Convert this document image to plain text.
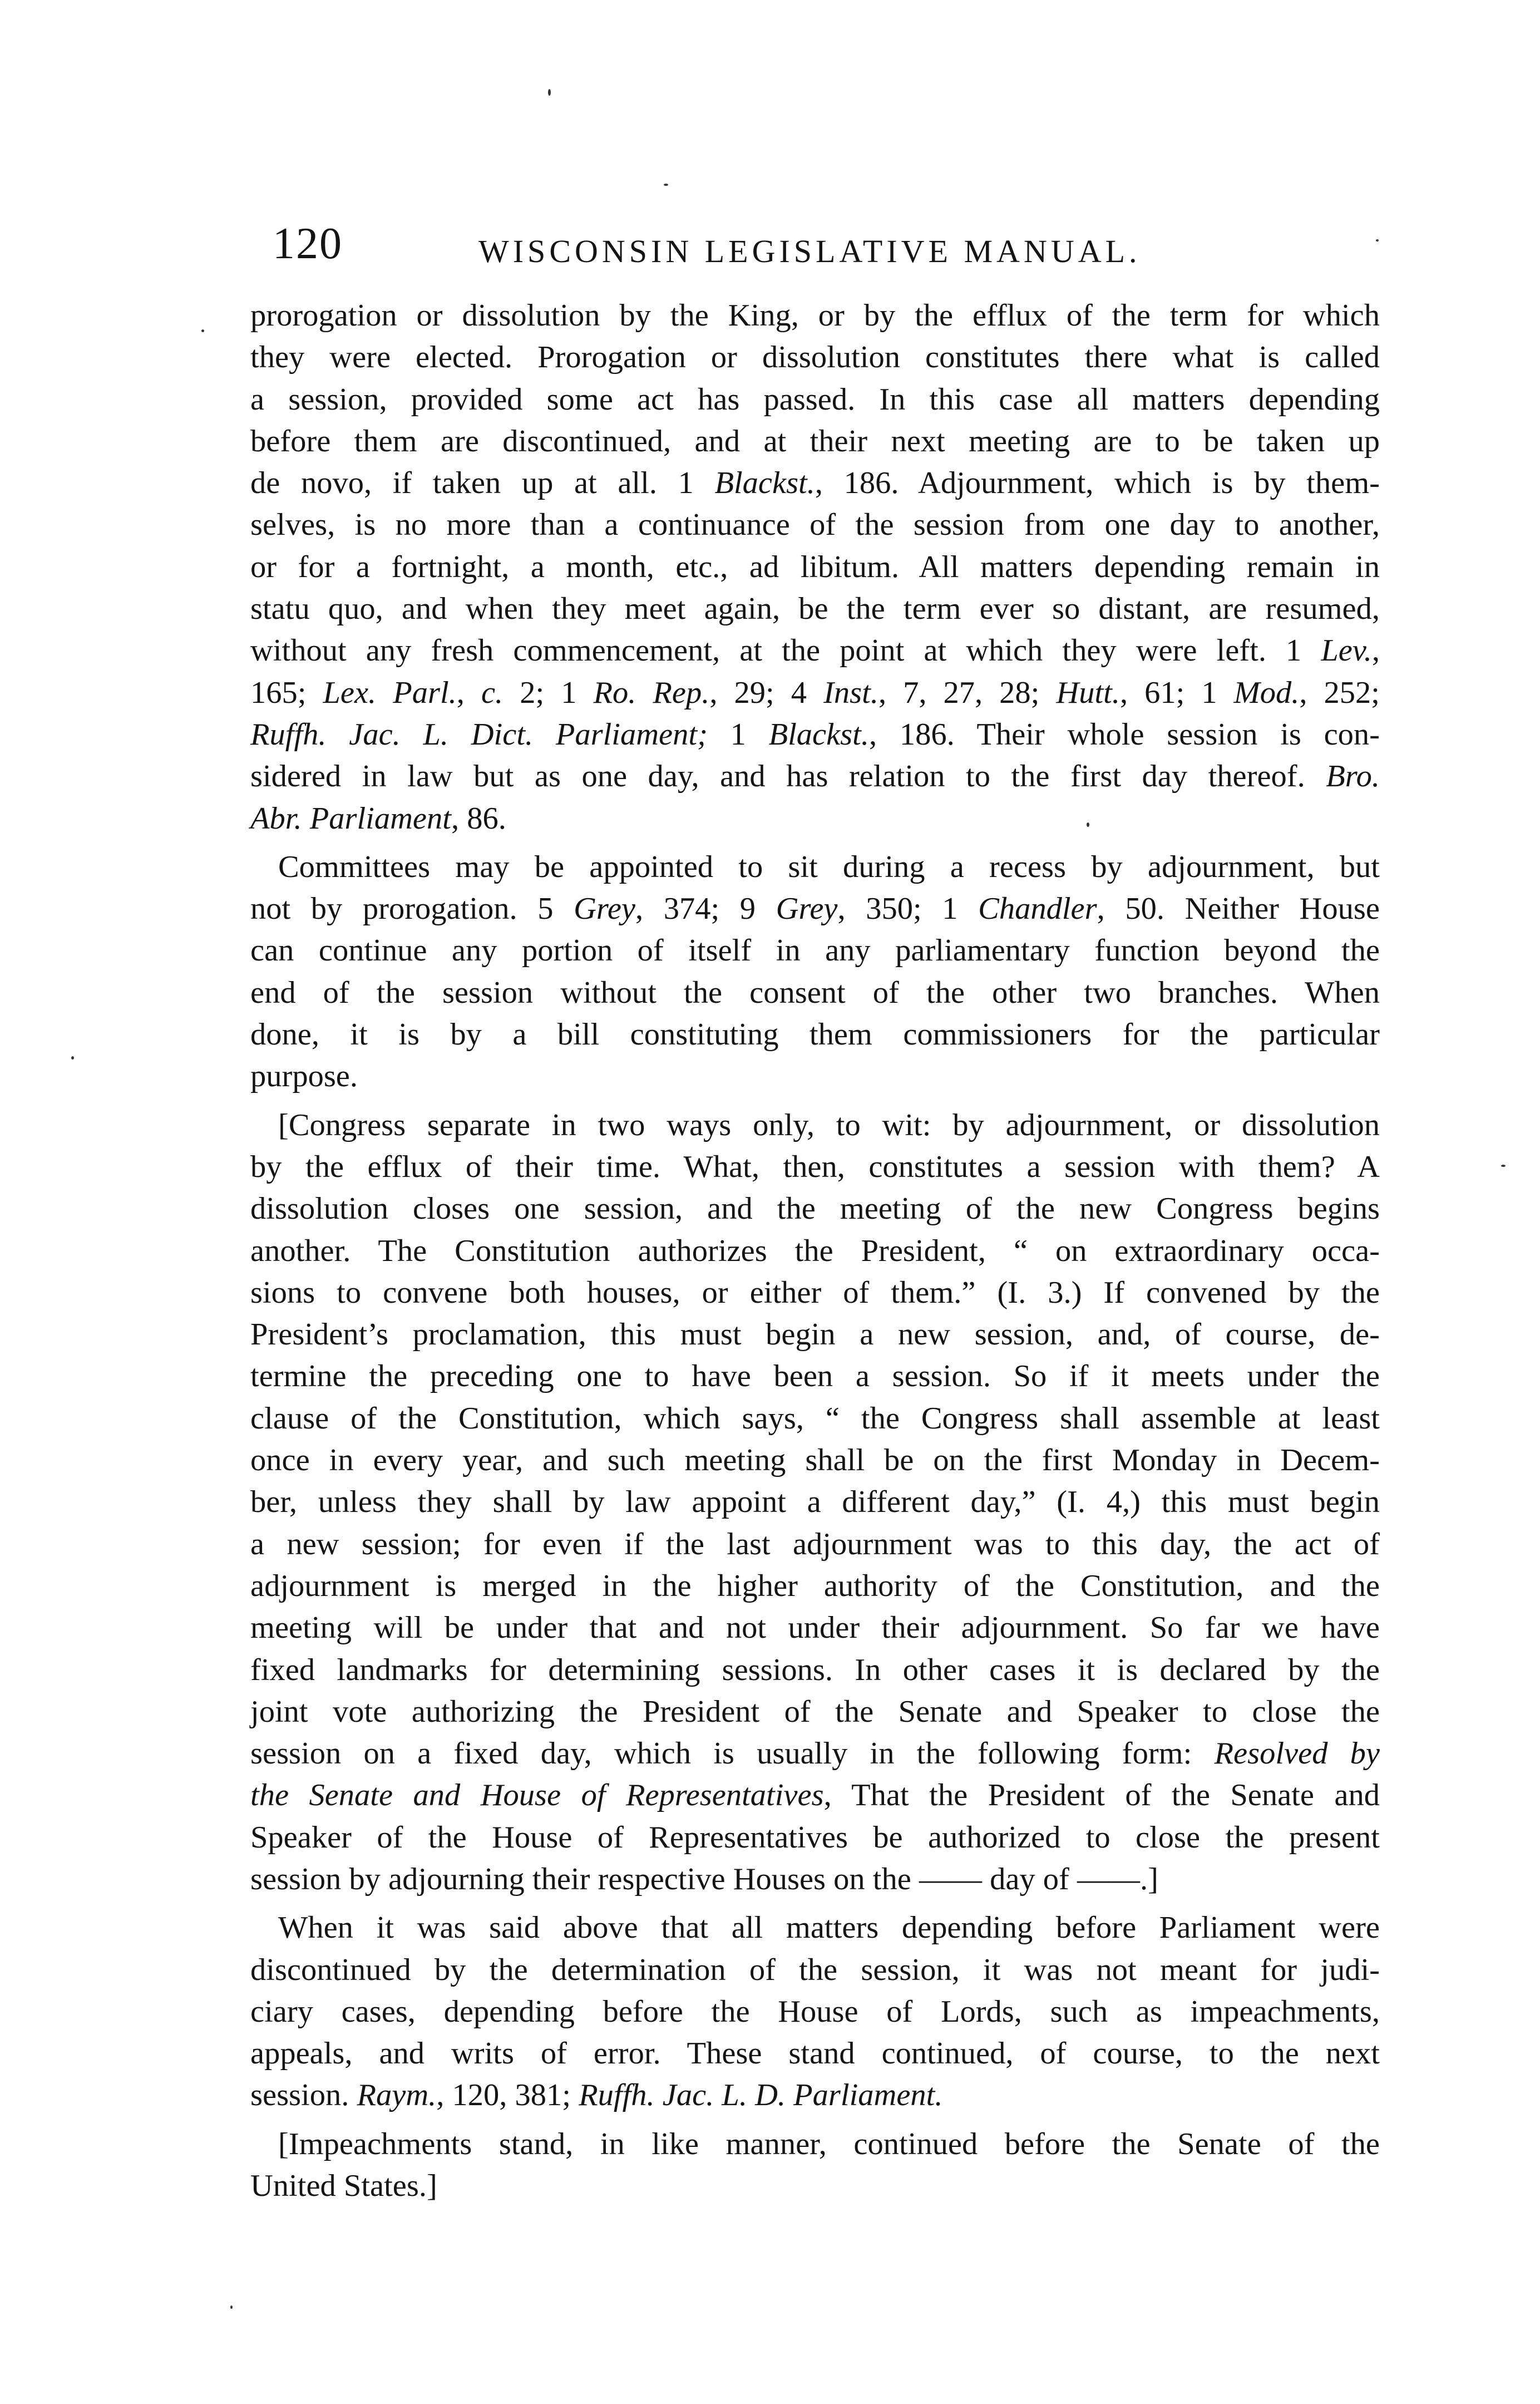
120	WISCONSIN LEGISLATIVE MANUAL.

prorogation or dissolution by the King, or by the efflux of the term for which
they were elected. Prorogation or dissolution constitutes there what is called
a session, provided some act has passed. In this case all matters depending
before them are discontinued, and at their next meeting are to be taken up
de novo, if taken up at all. 1 Blackst., 186. Adjournment, which is by them-
selves, is no more than a continuance of the session from one day to another,
or for a fortnight, a month, etc., ad libitum. All matters depending remain in
statu quo, and when they meet again, be the term ever so distant, are resumed,
without any fresh commencement, at the point at which they were left. 1 Lev.,
165; Lex. Parl., c. 2; 1 Ro. Rep., 29; 4 Inst., 7, 27, 28; Hutt., 61; 1 Mod., 252;
Ruffh. Jac. L. Dict. Parliament; 1 Blackst., 186. Their whole session is con-
sidered in law but as one day, and has relation to the first day thereof. Bro.
Abr. Parliament, 86.

Committees may be appointed to sit during a recess by adjournment, but
not by prorogation. 5 Grey, 374; 9 Grey, 350; 1 Chandler, 50. Neither House
can continue any portion of itself in any parliamentary function beyond the
end of the session without the consent of the other two branches. When
done, it is by a bill constituting them commissioners for the particular
purpose.

[Congress separate in two ways only, to wit: by adjournment, or dissolution
by the efflux of their time. What, then, constitutes a session with them? A
dissolution closes one session, and the meeting of the new Congress begins
another. The Constitution authorizes the President, “ on extraordinary occa-
sions to convene both houses, or either of them.” (I. 3.) If convened by the
President’s proclamation, this must begin a new session, and, of course, de-
termine the preceding one to have been a session. So if it meets under the
clause of the Constitution, which says, “ the Congress shall assemble at least
once in every year, and such meeting shall be on the first Monday in Decem-
ber, unless they shall by law appoint a different day,” (I. 4,) this must begin
a new session; for even if the last adjournment was to this day, the act of
adjournment is merged in the higher authority of the Constitution, and the
meeting will be under that and not under their adjournment. So far we have
fixed landmarks for determining sessions. In other cases it is declared by the
joint vote authorizing the President of the Senate and Speaker to close the
session on a fixed day, which is usually in the following form: Resolved by
the Senate and House of Representatives, That the President of the Senate and
Speaker of the House of Representatives be authorized to close the present
session by adjourning their respective Houses on the —— day of ——.]

When it was said above that all matters depending before Parliament were
discontinued by the determination of the session, it was not meant for judi-
ciary cases, depending before the House of Lords, such as impeachments,
appeals, and writs of error. These stand continued, of course, to the next
session. Raym., 120, 381; Ruffh. Jac. L. D. Parliament.

[Impeachments stand, in like manner, continued before the Senate of the
United States.]
